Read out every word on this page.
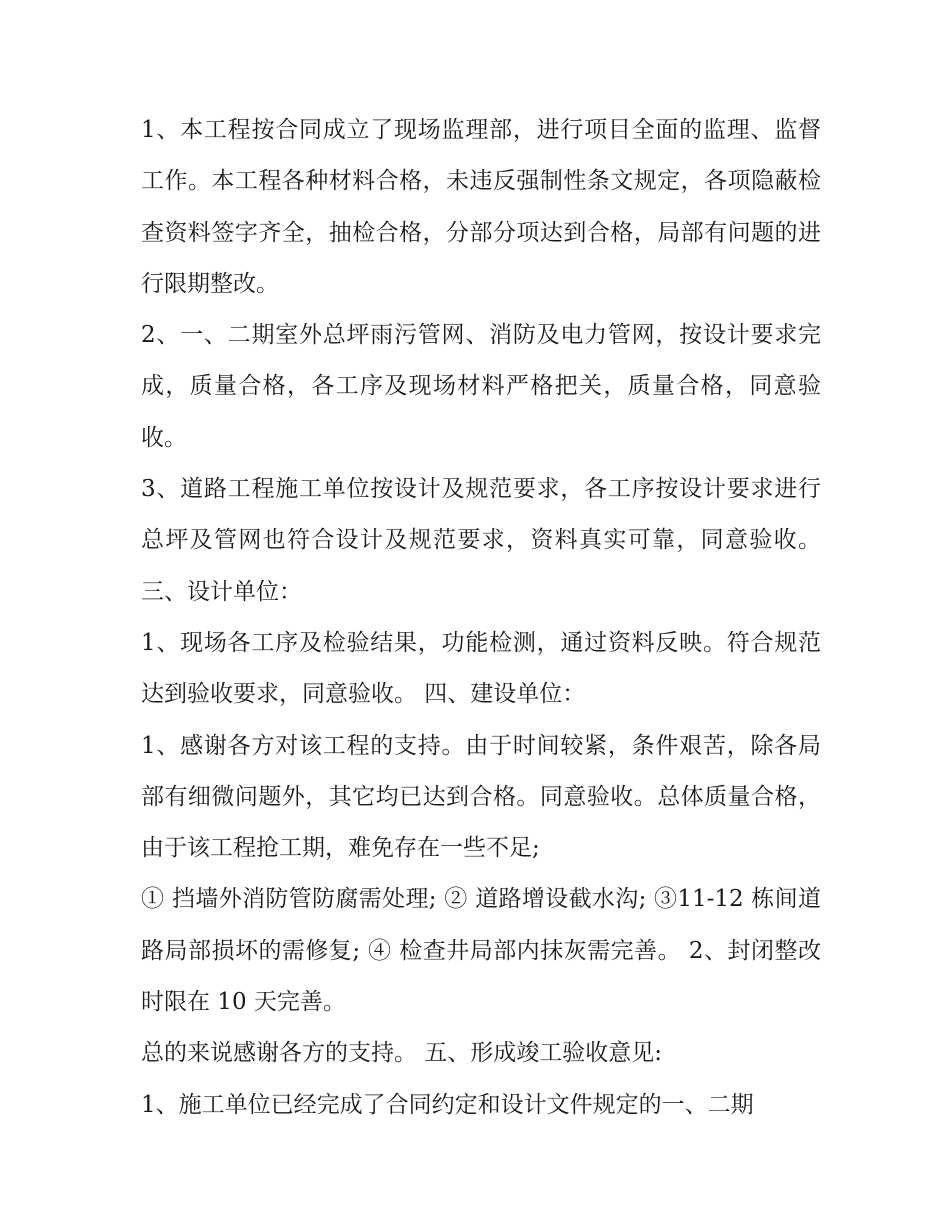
1、本工程按合同成立了现场监理部，进行项目全面的监理、监督工作。本工程各种材料合格，未违反强制性条文规定，各项隐蔽检查资料签字齐全，抽检合格，分部分项达到合格，局部有问题的进行限期整改。

2、一、二期室外总坪雨污管网、消防及电力管网，按设计要求完成，质量合格，各工序及现场材料严格把关，质量合格，同意验收。

3、道路工程施工单位按设计及规范要求，各工序按设计要求进行总坪及管网也符合设计及规范要求，资料真实可靠，同意验收。 三、设计单位：

1、现场各工序及检验结果，功能检测，通过资料反映。符合规范达到验收要求，同意验收。 四、建设单位：

1、感谢各方对该工程的支持。由于时间较紧，条件艰苦，除各局部有细微问题外，其它均已达到合格。同意验收。总体质量合格，由于该工程抢工期，难免存在一些不足;

① 挡墙外消防管防腐需处理; ② 道路增设截水沟; ③11-12 栋间道路局部损坏的需修复; ④ 检查井局部内抹灰需完善。 2、封闭整改时限在 10 天完善。

总的来说感谢各方的支持。 五、形成竣工验收意见:

1、施工单位已经完成了合同约定和设计文件规定的一、二期
